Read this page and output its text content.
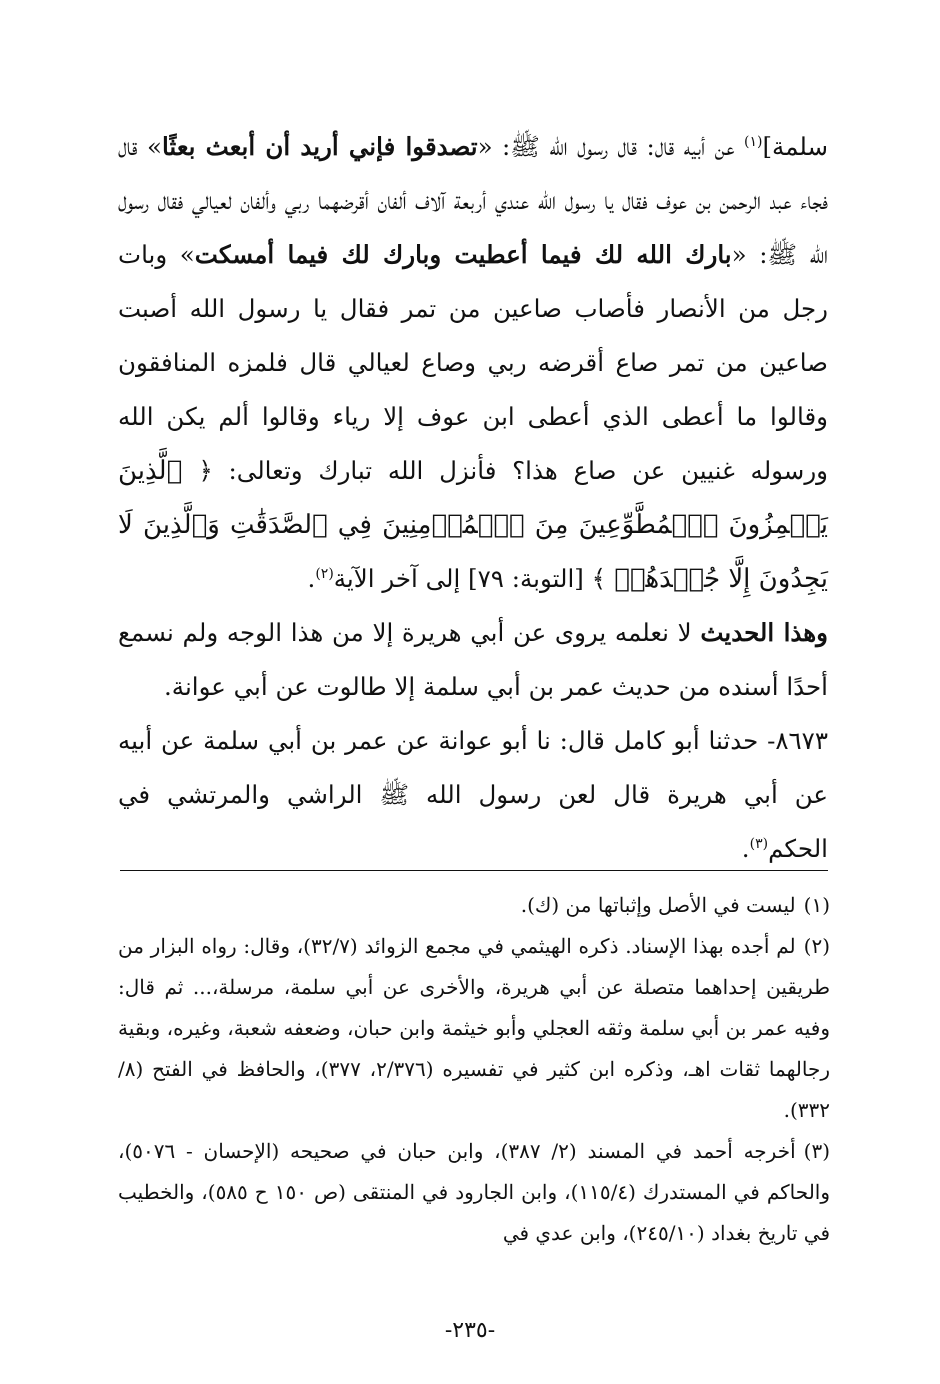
سلمة]$^{(١)}$ عن أبيه قال: قال رسول الله ﷺ: «تصدقوا فإني أريد أن أبعث بعثًا» قال فجاء عبد الرحمن بن عوف فقال يا رسول الله عندي أربعة آلاف ألفان أقرضهما ربي وألفان لعيالي فقال رسول الله ﷺ: «بارك الله لك فيما أعطيت وبارك لك فيما أمسكت» وبات رجل من الأنصار فأصاب صاعين من تمر فقال يا رسول الله أصبت صاعين من تمر صاع أقرضه ربي وصاع لعيالي قال فلمزه المنافقون وقالوا ما أعطى الذي أعطى ابن عوف إلا رياء وقالوا ألم يكن الله ورسوله غنيين عن صاع هذا؟ فأنزل الله تبارك وتعالى: ﴿ ٱلَّذِينَ يَلۡمِزُونَ ٱلۡمُطَّوِّعِينَ مِنَ ٱلۡمُؤۡمِنِينَ فِي ٱلصَّدَقَٰتِ وَٱلَّذِينَ لَا يَجِدُونَ إِلَّا جُهۡدَهُمۡ ﴾ [التوبة: ٧٩] إلى آخر الآية$^{(٢)}$.

وهذا الحديث لا نعلمه يروى عن أبي هريرة إلا من هذا الوجه ولم نسمع أحدًا أسنده من حديث عمر بن أبي سلمة إلا طالوت عن أبي عوانة.

٨٦٧٣- حدثنا أبو كامل قال: نا أبو عوانة عن عمر بن أبي سلمة عن أبيه عن أبي هريرة قال لعن رسول الله ﷺ الراشي والمرتشي في الحكم$^{(٣)}$.

(١)ليست في الأصل وإثباتها من (ك).

(٢)لم أجده بهذا الإسناد. ذكره الهيثمي في مجمع الزوائد (٣٢/٧)، وقال: رواه البزار من طريقين إحداهما متصلة عن أبي هريرة، والأخرى عن أبي سلمة، مرسلة،... ثم قال: وفيه عمر بن أبي سلمة وثقه العجلي وأبو خيثمة وابن حبان، وضعفه شعبة، وغيره، وبقية رجالهما ثقات اهـ، وذكره ابن كثير في تفسيره (٢/٣٧٦، ٣٧٧)، والحافظ في الفتح (٨/ ٣٣٢).

(٣)أخرجه أحمد في المسند (٢/ ٣٨٧)، وابن حبان في صحيحه (الإحسان - ٥٠٧٦)، والحاكم في المستدرك (١١٥/٤)، وابن الجارود في المنتقى (ص ١٥٠ ح ٥٨٥)، والخطيب في تاريخ بغداد (٢٤٥/١٠)، وابن عدي في

-٢٣٥-
